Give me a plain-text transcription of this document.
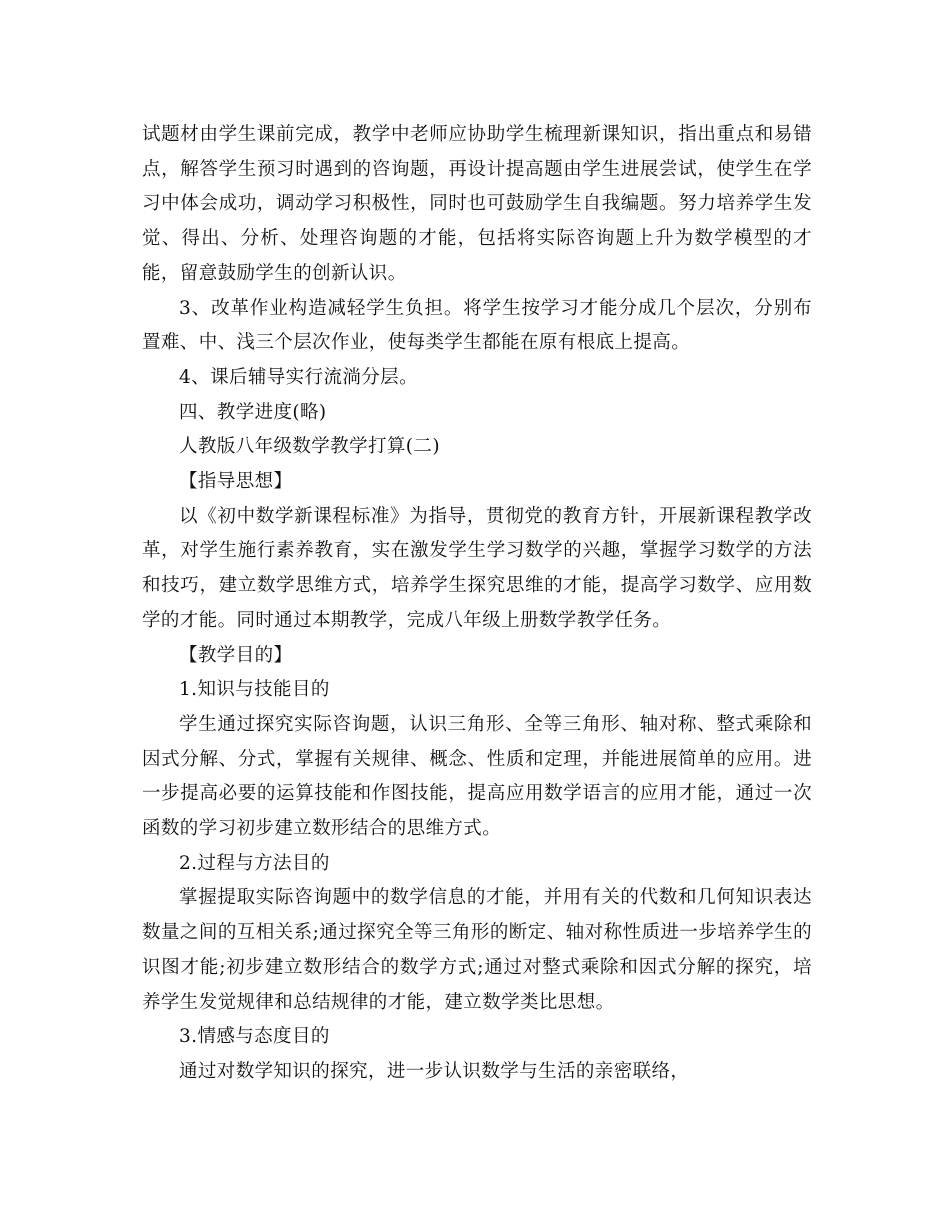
试题材由学生课前完成，教学中老师应协助学生梳理新课知识，指出重点和易错点，解答学生预习时遇到的咨询题，再设计提高题由学生进展尝试，使学生在学习中体会成功，调动学习积极性，同时也可鼓励学生自我编题。努力培养学生发觉、得出、分析、处理咨询题的才能，包括将实际咨询题上升为数学模型的才能，留意鼓励学生的创新认识。

3、改革作业构造减轻学生负担。将学生按学习才能分成几个层次，分别布置难、中、浅三个层次作业，使每类学生都能在原有根底上提高。

4、课后辅导实行流淌分层。

四、教学进度(略)

人教版八年级数学教学打算(二)

【指导思想】

以《初中数学新课程标准》为指导，贯彻党的教育方针，开展新课程教学改革，对学生施行素养教育，实在激发学生学习数学的兴趣，掌握学习数学的方法和技巧，建立数学思维方式，培养学生探究思维的才能，提高学习数学、应用数学的才能。同时通过本期教学，完成八年级上册数学教学任务。

【教学目的】

1.知识与技能目的

学生通过探究实际咨询题，认识三角形、全等三角形、轴对称、整式乘除和因式分解、分式，掌握有关规律、概念、性质和定理，并能进展简单的应用。进一步提高必要的运算技能和作图技能，提高应用数学语言的应用才能，通过一次函数的学习初步建立数形结合的思维方式。

2.过程与方法目的

掌握提取实际咨询题中的数学信息的才能，并用有关的代数和几何知识表达数量之间的互相关系;通过探究全等三角形的断定、轴对称性质进一步培养学生的识图才能;初步建立数形结合的数学方式;通过对整式乘除和因式分解的探究，培养学生发觉规律和总结规律的才能，建立数学类比思想。

3.情感与态度目的

通过对数学知识的探究，进一步认识数学与生活的亲密联络，
